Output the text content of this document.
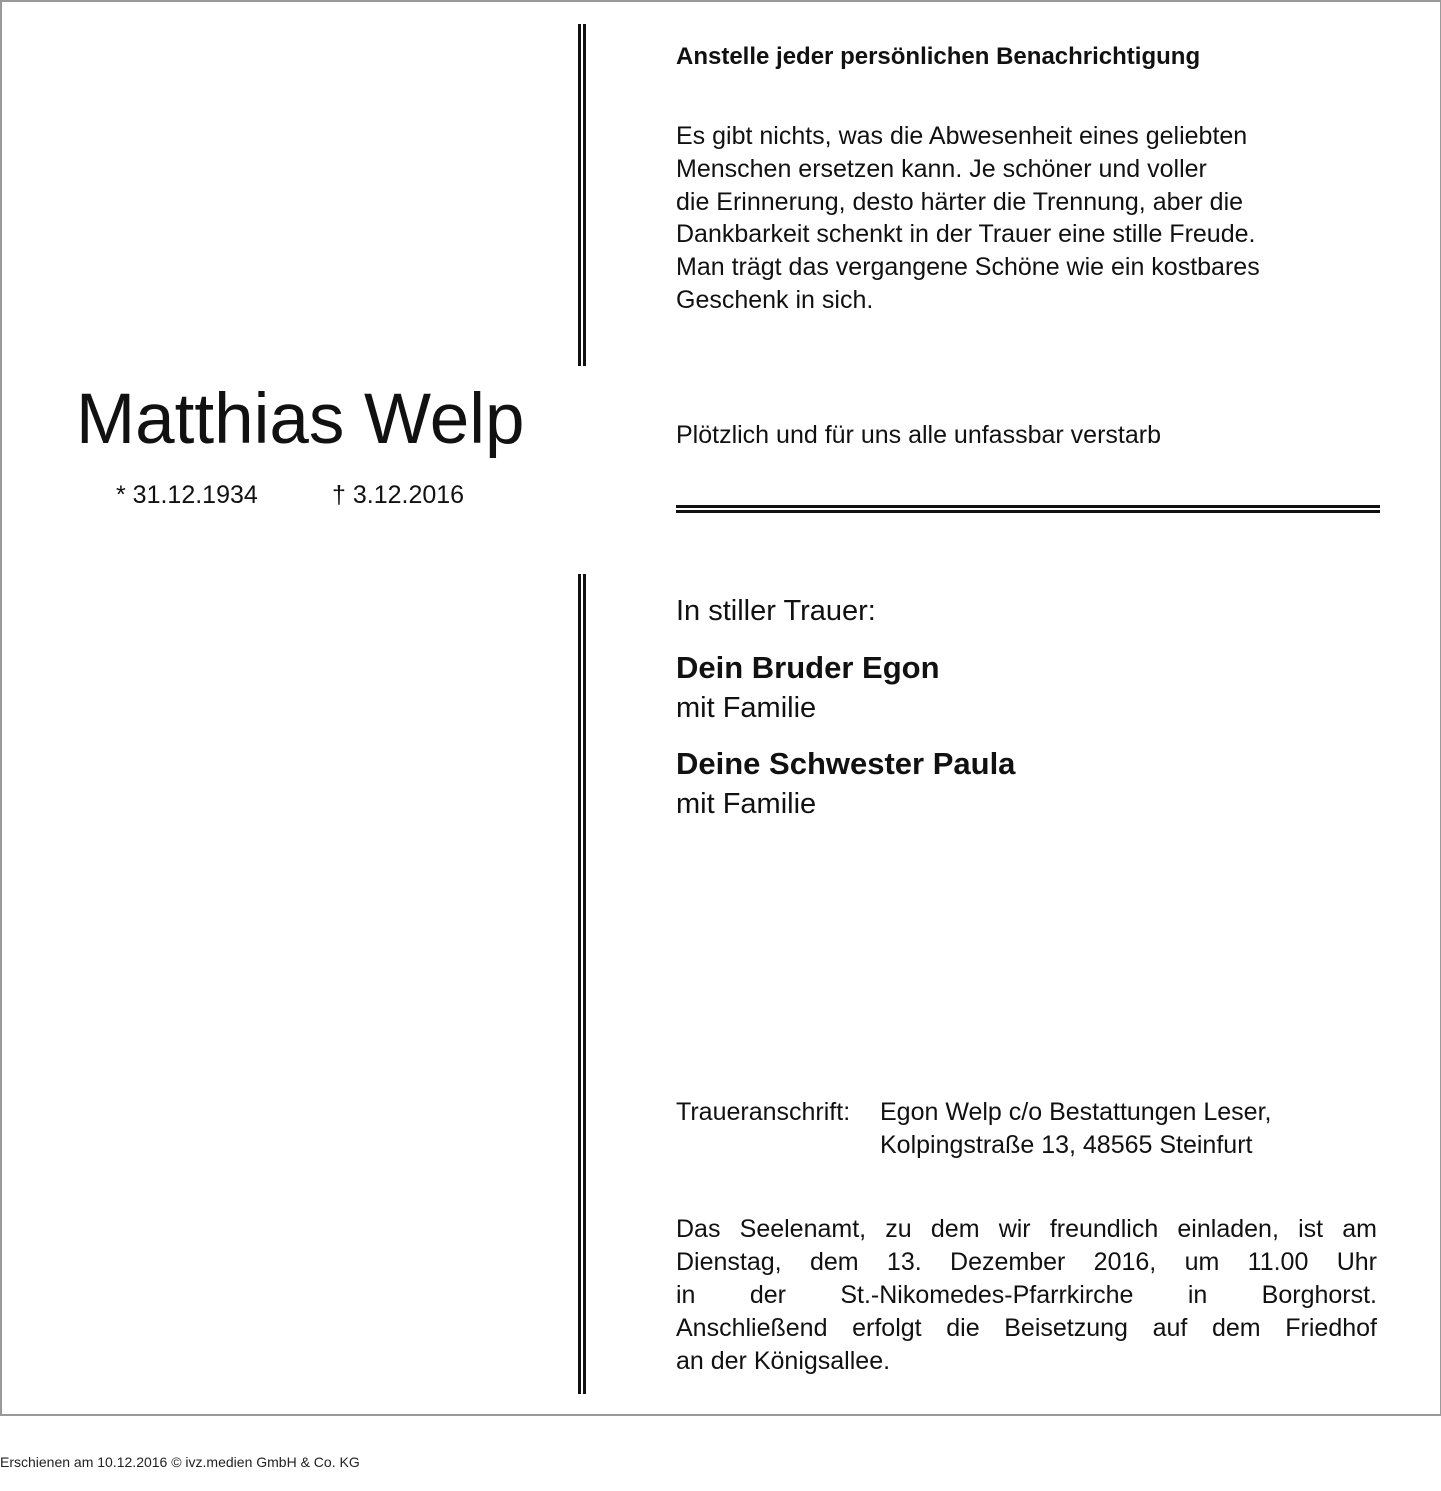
Anstelle jeder persönlichen Benachrichtigung
Es gibt nichts, was die Abwesenheit eines geliebten
Menschen ersetzen kann. Je schöner und voller
die Erinnerung, desto härter die Trennung, aber die
Dankbarkeit schenkt in der Trauer eine stille Freude.
Man trägt das vergangene Schöne wie ein kostbares
Geschenk in sich.
Matthias Welp
* 31.12.1934	† 3.12.2016
Plötzlich und für uns alle unfassbar verstarb
In stiller Trauer:
Dein Bruder Egon
mit Familie
Deine Schwester Paula
mit Familie
Traueranschrift: Egon Welp c/o Bestattungen Leser,
Kolpingstraße 13, 48565 Steinfurt
Das Seelenamt, zu dem wir freundlich einladen, ist am
Dienstag, dem 13. Dezember 2016, um 11.00 Uhr
in der St.-Nikomedes-Pfarrkirche in Borghorst.
Anschließend erfolgt die Beisetzung auf dem Friedhof
an der Königsallee.
Erschienen am 10.12.2016 © ivz.medien GmbH & Co. KG
